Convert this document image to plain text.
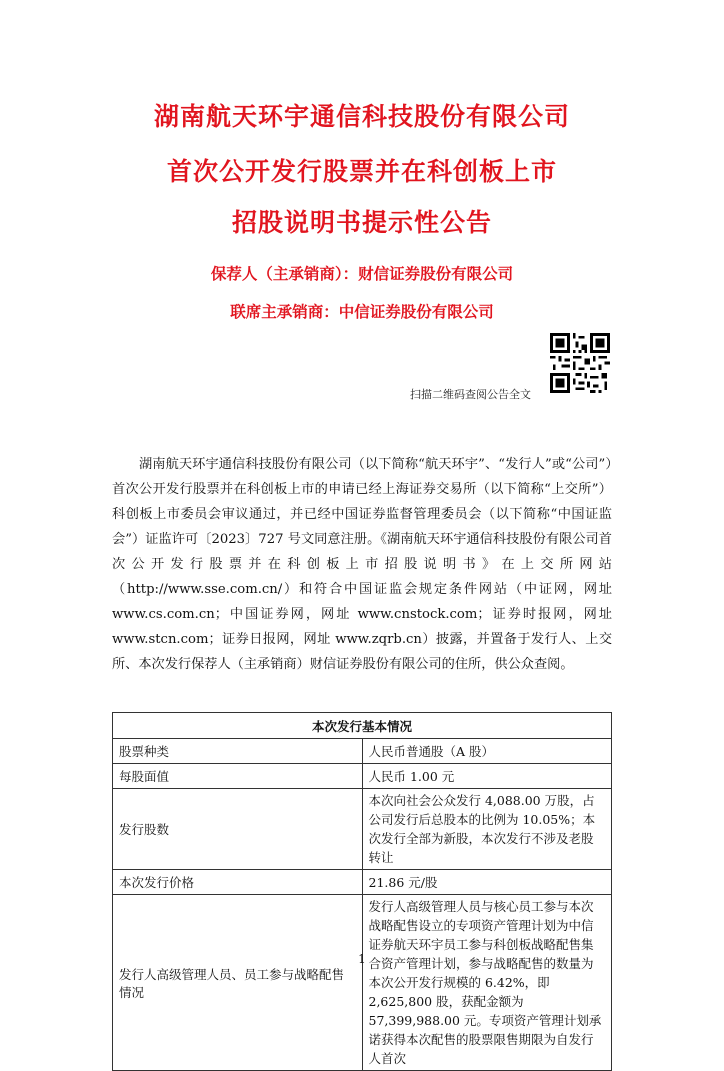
湖南航天环宇通信科技股份有限公司
首次公开发行股票并在科创板上市
招股说明书提示性公告
保荐人（主承销商）：财信证券股份有限公司
联席主承销商：中信证券股份有限公司
扫描二维码查阅公告全文

湖南航天环宇通信科技股份有限公司（以下简称“航天环宇”、“发行人”或“公司”）首次公开发行股票并在科创板上市的申请已经上海证券交易所（以下简称“上交所”）科创板上市委员会审议通过，并已经中国证券监督管理委员会（以下简称“中国证监会”）证监许可〔2023〕727 号文同意注册。《湖南航天环宇通信科技股份有限公司首次公开发行股票并在科创板上市招股说明书》在上交所网站（http://www.sse.com.cn/）和符合中国证监会规定条件网站（中证网，网址 www.cs.com.cn；中国证券网，网址 www.cnstock.com；证券时报网，网址 www.stcn.com；证券日报网，网址 www.zqrb.cn）披露，并置备于发行人、上交所、本次发行保荐人（主承销商）财信证券股份有限公司的住所，供公众查阅。

本次发行基本情况	
股票种类	人民币普通股（A 股）
每股面值	人民币 1.00 元
发行股数	本次向社会公众发行 4,088.00 万股，占公司发行后总股本的比例为 10.05%；本次发行全部为新股，本次发行不涉及老股转让
本次发行价格	21.86 元/股
发行人高级管理人员、员工参与战略配售情况	发行人高级管理人员与核心员工参与本次战略配售设立的专项资产管理计划为中信证券航天环宇员工参与科创板战略配售集合资产管理计划，参与战略配售的数量为本次公开发行规模的 6.42%，即 2,625,800 股，获配金额为 57,399,988.00 元。专项资产管理计划承诺获得本次配售的股票限售期限为自发行人首次
1
